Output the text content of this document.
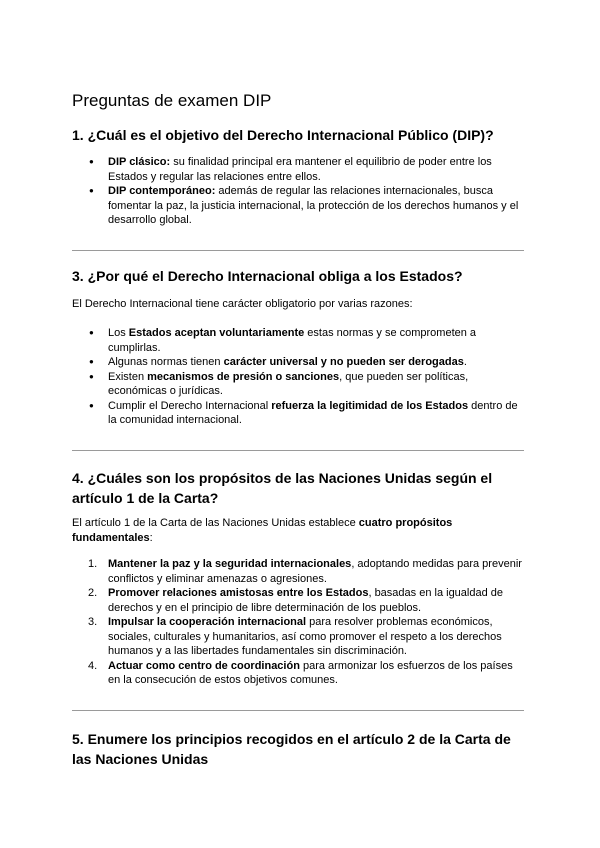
Preguntas de examen DIP
1. ¿Cuál es el objetivo del Derecho Internacional Público (DIP)?
● DIP clásico: su finalidad principal era mantener el equilibrio de poder entre los Estados y regular las relaciones entre ellos.
● DIP contemporáneo: además de regular las relaciones internacionales, busca fomentar la paz, la justicia internacional, la protección de los derechos humanos y el desarrollo global.
3. ¿Por qué el Derecho Internacional obliga a los Estados?

El Derecho Internacional tiene carácter obligatorio por varias razones:

● Los Estados aceptan voluntariamente estas normas y se comprometen a cumplirlas.
● Algunas normas tienen carácter universal y no pueden ser derogadas.
● Existen mecanismos de presión o sanciones, que pueden ser políticas, económicas o jurídicas.
● Cumplir el Derecho Internacional refuerza la legitimidad de los Estados dentro de la comunidad internacional.
4. ¿Cuáles son los propósitos de las Naciones Unidas según el artículo 1 de la Carta?

El artículo 1 de la Carta de las Naciones Unidas establece cuatro propósitos fundamentales:

1. Mantener la paz y la seguridad internacionales, adoptando medidas para prevenir conflictos y eliminar amenazas o agresiones.
2. Promover relaciones amistosas entre los Estados, basadas en la igualdad de derechos y en el principio de libre determinación de los pueblos.
3. Impulsar la cooperación internacional para resolver problemas económicos, sociales, culturales y humanitarios, así como promover el respeto a los derechos humanos y a las libertades fundamentales sin discriminación.
4. Actuar como centro de coordinación para armonizar los esfuerzos de los países en la consecución de estos objetivos comunes.
5. Enumere los principios recogidos en el artículo 2 de la Carta de las Naciones Unidas
